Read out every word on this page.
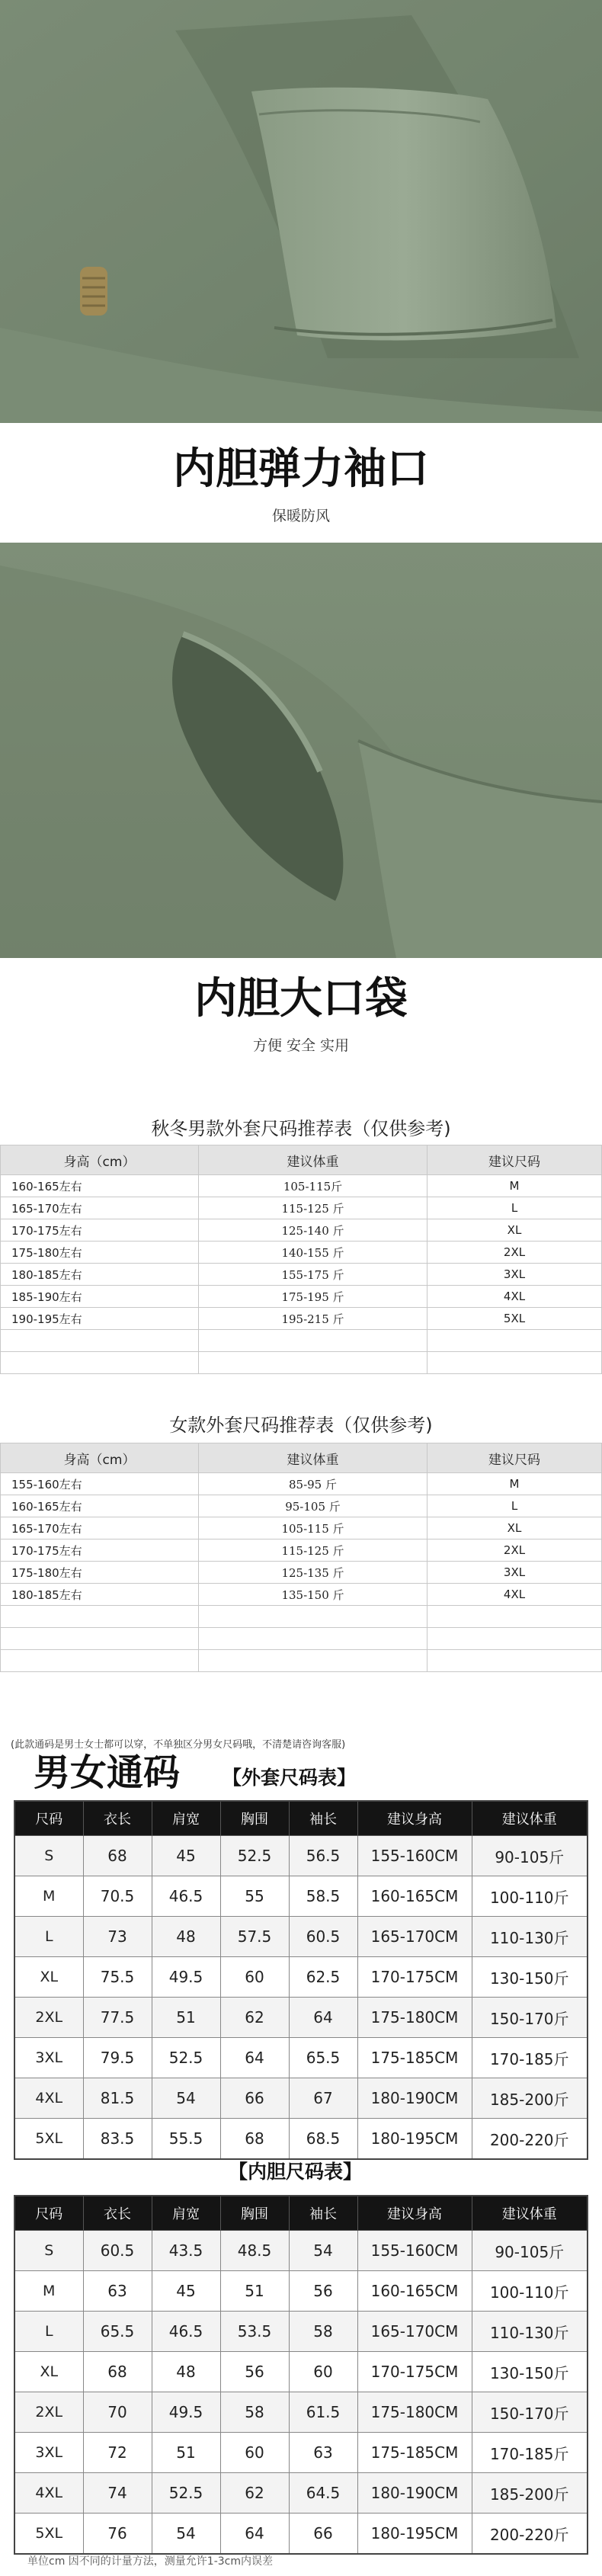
内胆弹力袖口
保暖防风
内胆大口袋
方便 安全 实用
秋冬男款外套尺码推荐表（仅供参考)
身高（cm）	建议体重	建议尺码
160-165左右	105-115斤	M
165-170左右	115-125 斤	L
170-175左右	125-140 斤	XL
175-180左右	140-155 斤	2XL
180-185左右	155-175 斤	3XL
185-190左右	175-195 斤	4XL
190-195左右	195-215 斤	5XL

女款外套尺码推荐表（仅供参考)
身高（cm）	建议体重	建议尺码
155-160左右	85-95 斤	M
160-165左右	95-105 斤	L
165-170左右	105-115 斤	XL
170-175左右	115-125 斤	2XL
175-180左右	125-135 斤	3XL
180-185左右	135-150 斤	4XL

(此款通码是男士女士都可以穿，不单独区分男女尺码哦，不清楚请咨询客服)
男女通码 【外套尺码表】
尺码	衣长	肩宽	胸围	袖长	建议身高	建议体重
S	68	45	52.5	56.5	155-160CM	90-105斤
M	70.5	46.5	55	58.5	160-165CM	100-110斤
L	73	48	57.5	60.5	165-170CM	110-130斤
XL	75.5	49.5	60	62.5	170-175CM	130-150斤
2XL	77.5	51	62	64	175-180CM	150-170斤
3XL	79.5	52.5	64	65.5	175-185CM	170-185斤
4XL	81.5	54	66	67	180-190CM	185-200斤
5XL	83.5	55.5	68	68.5	180-195CM	200-220斤
【内胆尺码表】
尺码	衣长	肩宽	胸围	袖长	建议身高	建议体重
S	60.5	43.5	48.5	54	155-160CM	90-105斤
M	63	45	51	56	160-165CM	100-110斤
L	65.5	46.5	53.5	58	165-170CM	110-130斤
XL	68	48	56	60	170-175CM	130-150斤
2XL	70	49.5	58	61.5	175-180CM	150-170斤
3XL	72	51	60	63	175-185CM	170-185斤
4XL	74	52.5	62	64.5	180-190CM	185-200斤
5XL	76	54	64	66	180-195CM	200-220斤
单位cm 因不同的计量方法，测量允许1-3cm内误差
